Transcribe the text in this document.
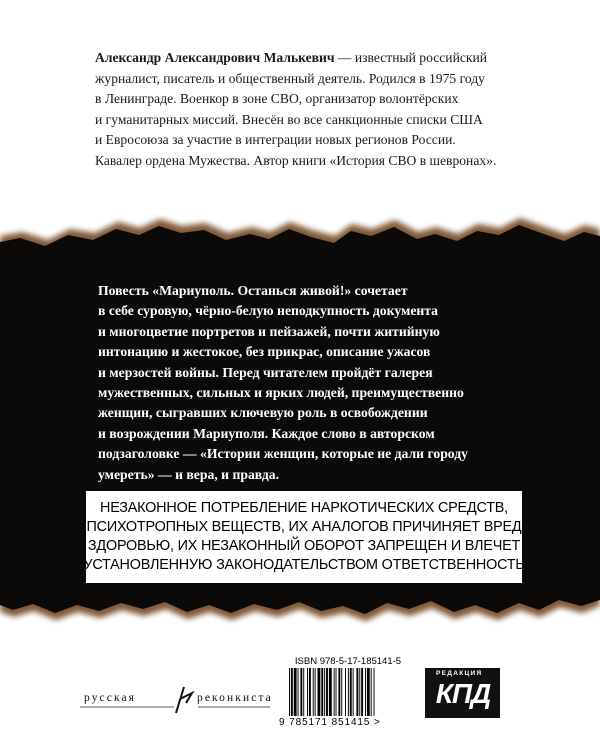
Александр Александрович Малькевич — известный российский
журналист, писатель и общественный деятель. Родился в 1975 году
в Ленинграде. Военкор в зоне СВО, организатор волонтёрских
и гуманитарных миссий. Внесён во все санкционные списки США
и Евросоюза за участие в интеграции новых регионов России.
Кавалер ордена Мужества. Автор книги «История СВО в шевронах».

Повесть «Мариуполь. Останься живой!» сочетает
в себе суровую, чёрно-белую неподкупность документа
и многоцветие портретов и пейзажей, почти житийную
интонацию и жестокое, без прикрас, описание ужасов
и мерзостей войны. Перед читателем пройдёт галерея
мужественных, сильных и ярких людей, преимущественно
женщин, сыгравших ключевую роль в освобождении
и возрождении Мариуполя. Каждое слово в авторском
подзаголовке — «Истории женщин, которые не дали городу
умереть» — и вера, и правда.

НЕЗАКОННОЕ ПОТРЕБЛЕНИЕ НАРКОТИЧЕСКИХ СРЕДСТВ,
ПСИХОТРОПНЫХ ВЕЩЕСТВ, ИХ АНАЛОГОВ ПРИЧИНЯЕТ ВРЕД
ЗДОРОВЬЮ, ИХ НЕЗАКОННЫЙ ОБОРОТ ЗАПРЕЩЕН И ВЛЕЧЕТ
УСТАНОВЛЕННУЮ ЗАКОНОДАТЕЛЬСТВОМ ОТВЕТСТВЕННОСТЬ
русская	реконкиста
ISBN 978-5-17-185141-5
9 785171 851415 >
РЕДАКЦИЯ
КПД
